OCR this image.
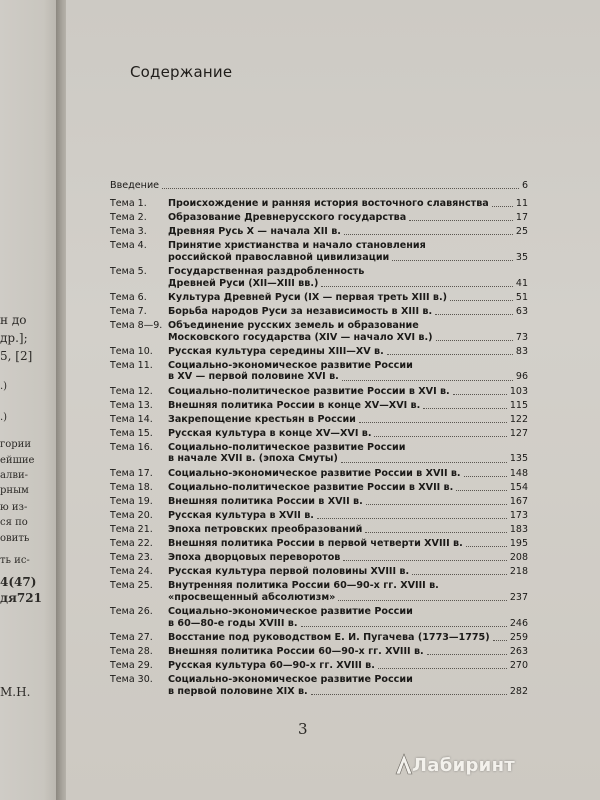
н до
др.];
5, [2]
.)
.)
гории
ейшие
алви-
рным
ю из-
ся по
овить
ть ис-
4(47)
дя721
М.Н.
Содержание
Введение	6
Тема 1. Происхождение и ранняя история восточного славянства	11
Тема 2. Образование Древнерусского государства	17
Тема 3. Древняя Русь X — начала XII в.	25
Тема 4. Принятие христианства и начало становления
российской православной цивилизации	35
Тема 5. Государственная раздробленность
Древней Руси (XII—XIII вв.)	41
Тема 6. Культура Древней Руси (IX — первая треть XIII в.)	51
Тема 7. Борьба народов Руси за независимость в XIII в.	63
Тема 8—9. Объединение русских земель и образование
Московского государства (XIV — начало XVI в.)	73
Тема 10. Русская культура середины XIII—XV в.	83
Тема 11. Социально-экономическое развитие России
в XV — первой половине XVI в.	96
Тема 12. Социально-политическое развитие России в XVI в.	103
Тема 13. Внешняя политика России в конце XV—XVI в.	115
Тема 14. Закрепощение крестьян в России	122
Тема 15. Русская культура в конце XV—XVI в.	127
Тема 16. Социально-политическое развитие России
в начале XVII в. (эпоха Смуты)	135
Тема 17. Социально-экономическое развитие России в XVII в.	148
Тема 18. Социально-политическое развитие России в XVII в.	154
Тема 19. Внешняя политика России в XVII в.	167
Тема 20. Русская культура в XVII в.	173
Тема 21. Эпоха петровских преобразований	183
Тема 22. Внешняя политика России в первой четверти XVIII в.	195
Тема 23. Эпоха дворцовых переворотов	208
Тема 24. Русская культура первой половины XVIII в.	218
Тема 25. Внутренняя политика России 60—90-х гг. XVIII в.
«просвещенный абсолютизм»	237
Тема 26. Социально-экономическое развитие России
в 60—80-е годы XVIII в.	246
Тема 27. Восстание под руководством Е. И. Пугачева (1773—1775) 259
Тема 28. Внешняя политика России 60—90-х гг. XVIII в.	263
Тема 29. Русская культура 60—90-х гг. XVIII в.	270
Тема 30. Социально-экономическое развитие России
в первой половине XIX в.	282
3
Лабиринт
